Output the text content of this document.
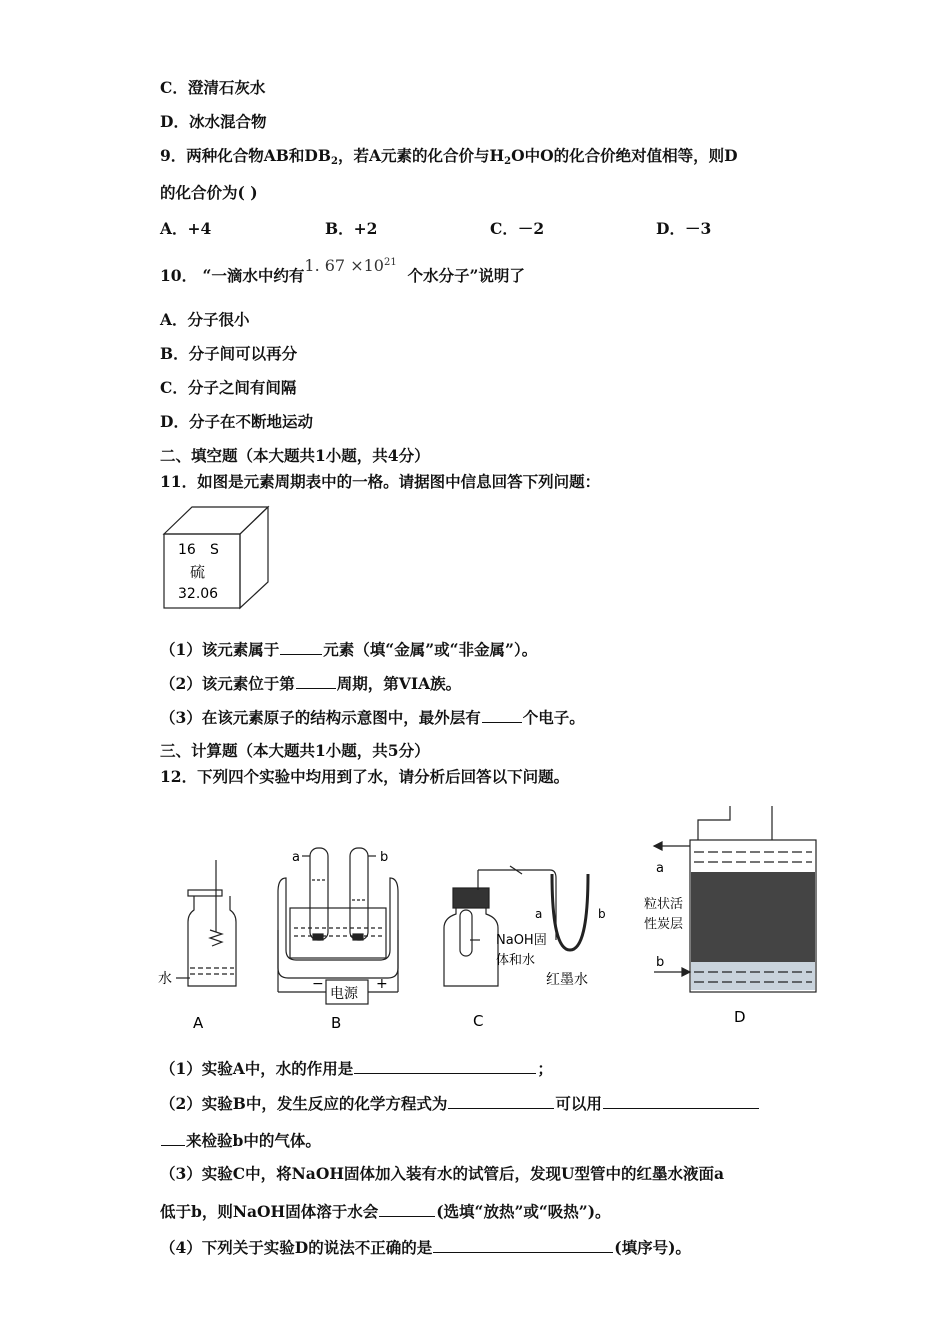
C．澄清石灰水
D．冰水混合物
9．两种化合物AB和$DB_2$，若A元素的化合价与$H_2O$中O的化合价绝对值相等，则D
的化合价为( )
A．+4	B．+2	C．－2	D．－3
10． “一滴水中约有1. $67 \times 10^{21}$  个水分子”说明了
A．分子很小
B．分子间可以再分
C．分子之间有间隔
D．分子在不断地运动
二、填空题（本大题共1小题，共4分）
11．如图是元素周期表中的一格。请据图中信息回答下列问题：
16 S
硫
32.06
（1）该元素属于	元素（填“金属”或“非金属”）。
（2）该元素位于第	周期，第VIA族。
（3）在该元素原子的结构示意图中，最外层有	个电子。
三、计算题（本大题共1小题，共5分）
12．下列四个实验中均用到了水，请分析后回答以下问题。
水
A
a	b
电源
−	+
B
NaOH固
体和水
红墨水
a	b
C
a
b
粒状活
性炭层
D
（1）实验A中，水的作用是	；
（2）实验B中，发生反应的化学方程式为	可以用
来检验b中的气体。
（3）实验C中，将NaOH固体加入装有水的试管后，发现U型管中的红墨水液面a
低于b，则NaOH固体溶于水会	(选填“放热”或“吸热”)。
（4）下列关于实验D的说法不正确的是	(填序号)。
